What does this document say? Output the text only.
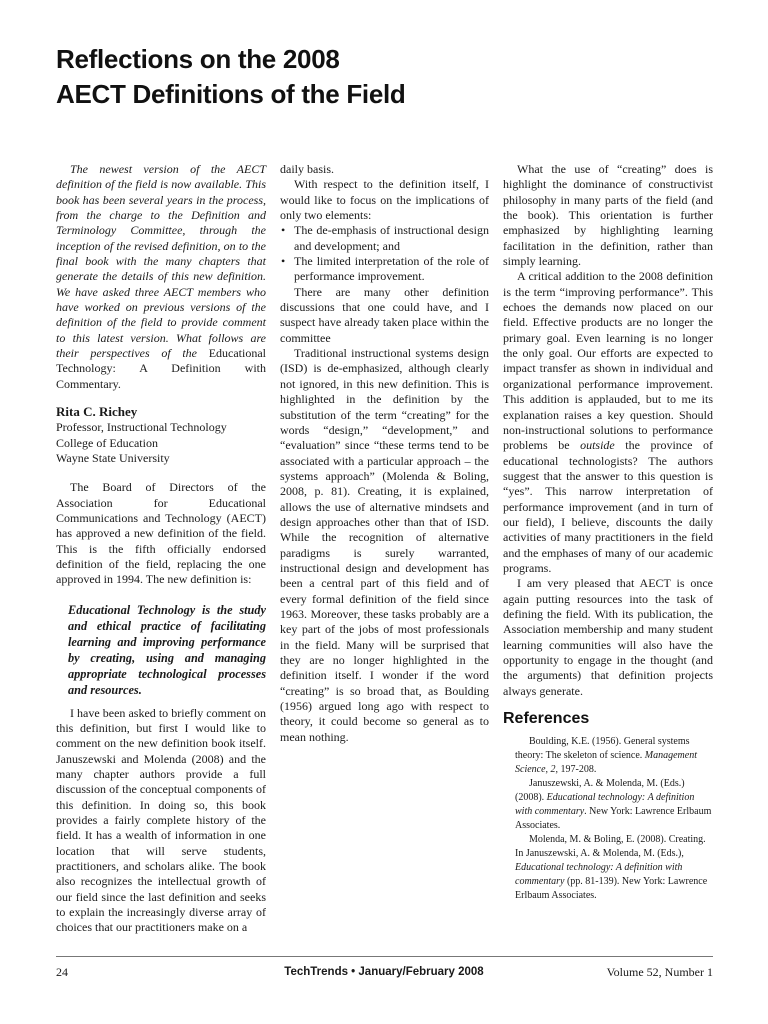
Reflections on the 2008
AECT Definitions of the Field

The newest version of the AECT definition of the field is now available. This book has been several years in the process, from the charge to the Definition and Terminology Committee, through the inception of the revised definition, on to the final book with the many chapters that generate the details of this new definition. We have asked three AECT members who have worked on previous versions of the definition of the field to provide comment to this latest version. What follows are their perspectives of the Educational Technology: A Definition with Commentary.

Rita C. Richey
Professor, Instructional Technology
College of Education
Wayne State University

The Board of Directors of the Association for Educational Communications and Technology (AECT) has approved a new definition of the field. This is the fifth officially endorsed definition of the field, replacing the one approved in 1994. The new definition is:

Educational Technology is the study and ethical practice of facilitating learning and improving performance by creating, using and managing appropriate technological processes and resources.

I have been asked to briefly comment on this definition, but first I would like to comment on the new definition book itself. Januszewski and Molenda (2008) and the many chapter authors provide a full discussion of the conceptual components of this definition. In doing so, this book provides a fairly complete history of the field. It has a wealth of information in one location that will serve students, practitioners, and scholars alike. The book also recognizes the intellectual growth of our field since the last definition and seeks to explain the increasingly diverse array of choices that our practitioners make on a

daily basis.

With respect to the definition itself, I would like to focus on the implications of only two elements:

• The de-emphasis of instructional design and development; and
• The limited interpretation of the role of performance improvement.

There are many other definition discussions that one could have, and I suspect have already taken place within the committee

Traditional instructional systems design (ISD) is de-emphasized, although clearly not ignored, in this new definition. This is highlighted in the definition by the substitution of the term “creating” for the words “design,” “development,” and “evaluation” since “these terms tend to be associated with a particular approach – the systems approach” (Molenda & Boling, 2008, p. 81). Creating, it is explained, allows the use of alternative mindsets and design approaches other than that of ISD. While the recognition of alternative paradigms is surely warranted, instructional design and development has been a central part of this field and of every formal definition of the field since 1963. Moreover, these tasks probably are a key part of the jobs of most professionals in the field. Many will be surprised that they are no longer highlighted in the definition itself. I wonder if the word “creating” is so broad that, as Boulding (1956) argued long ago with respect to theory, it could become so general as to mean nothing.

What the use of “creating” does is highlight the dominance of constructivist philosophy in many parts of the field (and the book). This orientation is further emphasized by highlighting learning facilitation in the definition, rather than simply learning.

A critical addition to the 2008 definition is the term “improving performance”. This echoes the demands now placed on our field. Effective products are no longer the primary goal. Even learning is no longer the only goal. Our efforts are expected to impact transfer as shown in individual and organizational performance improvement. This addition is applauded, but to me its explanation raises a key question. Should non-instructional solutions to performance problems be outside the province of educational technologists? The authors suggest that the answer to this question is “yes”. This narrow interpretation of performance improvement (and in turn of our field), I believe, discounts the daily activities of many practitioners in the field and the emphases of many of our academic programs.

I am very pleased that AECT is once again putting resources into the task of defining the field. With its publication, the Association membership and many student learning communities will also have the opportunity to engage in the thought (and the arguments) that definition projects always generate.

References

Boulding, K.E. (1956). General systems theory: The skeleton of science. Management Science, 2, 197-208.

Januszewski, A. & Molenda, M. (Eds.) (2008). Educational technology: A definition with commentary. New York: Lawrence Erlbaum Associates.

Molenda, M. & Boling, E. (2008). Creating. In Januszewski, A. & Molenda, M. (Eds.), Educational technology: A definition with commentary (pp. 81-139). New York: Lawrence Erlbaum Associates.

24	TechTrends • January/February 2008	Volume 52, Number 1
